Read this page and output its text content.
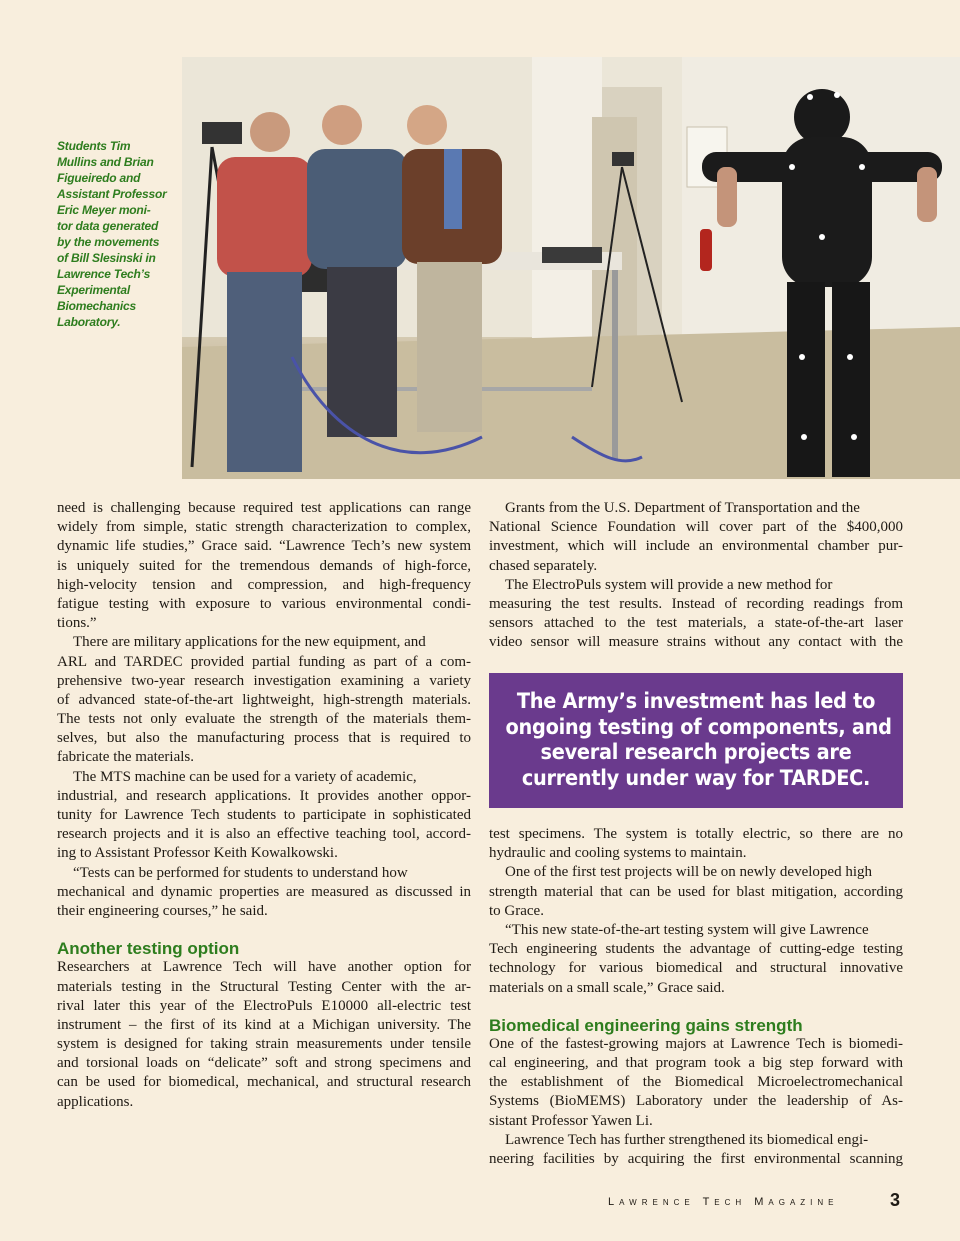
Students Tim
Mullins and Brian
Figueiredo and
Assistant Professor
Eric Meyer moni-
tor data generated
by the movements
of Bill Slesinski in
Lawrence Tech’s
Experimental
Biomechanics
Laboratory.
need is challenging because required test applications can range
widely from simple, static strength characterization to complex,
dynamic life studies,” Grace said. “Lawrence Tech’s new system
is uniquely suited for the tremendous demands of high-force,
high-velocity tension and compression, and high-frequency
fatigue testing with exposure to various environmental condi-
tions.”
There are military applications for the new equipment, and
ARL and TARDEC provided partial funding as part of a com-
prehensive two-year research investigation examining a variety
of advanced state-of-the-art lightweight, high-strength materials.
The tests not only evaluate the strength of the materials them-
selves, but also the manufacturing process that is required to
fabricate the materials.
The MTS machine can be used for a variety of academic,
industrial, and research applications. It provides another oppor-
tunity for Lawrence Tech students to participate in sophisticated
research projects and it is also an effective teaching tool, accord-
ing to Assistant Professor Keith Kowalkowski.
“Tests can be performed for students to understand how
mechanical and dynamic properties are measured as discussed in
their engineering courses,” he said.
Another testing option
Researchers at Lawrence Tech will have another option for
materials testing in the Structural Testing Center with the ar-
rival later this year of the ElectroPuls E10000 all-electric test
instrument – the first of its kind at a Michigan university. The
system is designed for taking strain measurements under tensile
and torsional loads on “delicate” soft and strong specimens and
can be used for biomedical, mechanical, and structural research
applications.
Grants from the U.S. Department of Transportation and the
National Science Foundation will cover part of the $400,000
investment, which will include an environmental chamber pur-
chased separately.
The ElectroPuls system will provide a new method for
measuring the test results. Instead of recording readings from
sensors attached to the test materials, a state-of-the-art laser
video sensor will measure strains without any contact with the
The Army’s investment has led to
ongoing testing of components, and
several research projects are
currently under way for TARDEC.
test specimens. The system is totally electric, so there are no
hydraulic and cooling systems to maintain.
One of the first test projects will be on newly developed high
strength material that can be used for blast mitigation, according
to Grace.
“This new state-of-the-art testing system will give Lawrence
Tech engineering students the advantage of cutting-edge testing
technology for various biomedical and structural innovative
materials on a small scale,” Grace said.
Biomedical engineering gains strength
One of the fastest-growing majors at Lawrence Tech is biomedi-
cal engineering, and that program took a big step forward with
the establishment of the Biomedical Microelectromechanical
Systems (BioMEMS) Laboratory under the leadership of As-
sistant Professor Yawen Li.
Lawrence Tech has further strengthened its biomedical engi-
neering facilities by acquiring the first environmental scanning
Lawrence Tech Magazine	3
